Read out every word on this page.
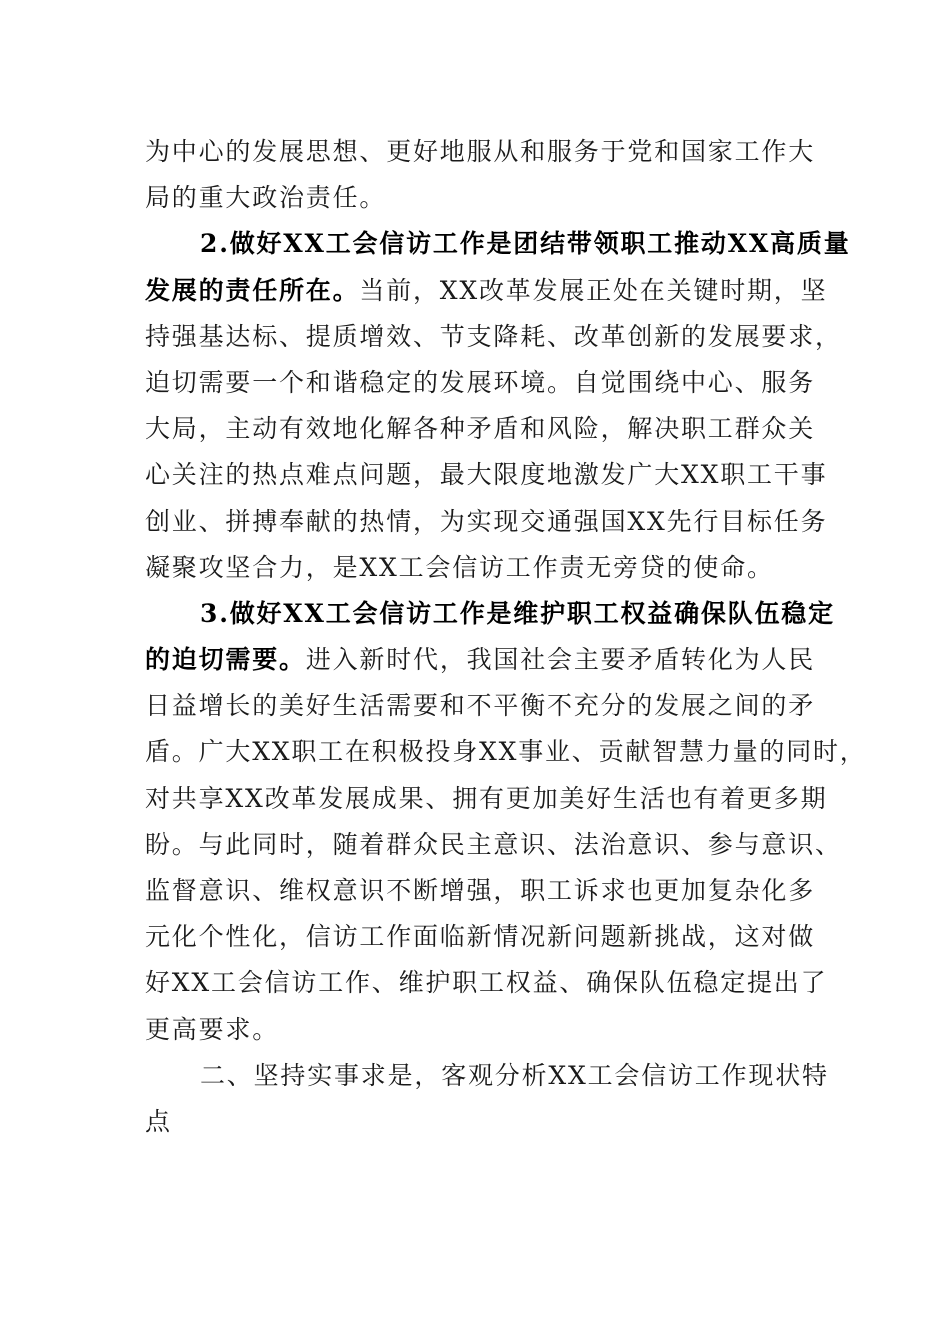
为中心的发展思想、更好地服从和服务于党和国家工作大
局的重大政治责任。
2.做好XX工会信访工作是团结带领职工推动XX高质量
发展的责任所在。当前，XX改革发展正处在关键时期，坚
持强基达标、提质增效、节支降耗、改革创新的发展要求，
迫切需要一个和谐稳定的发展环境。自觉围绕中心、服务
大局，主动有效地化解各种矛盾和风险，解决职工群众关
心关注的热点难点问题，最大限度地激发广大XX职工干事
创业、拼搏奉献的热情，为实现交通强国XX先行目标任务
凝聚攻坚合力，是XX工会信访工作责无旁贷的使命。
3.做好XX工会信访工作是维护职工权益确保队伍稳定
的迫切需要。进入新时代，我国社会主要矛盾转化为人民
日益增长的美好生活需要和不平衡不充分的发展之间的矛
盾。广大XX职工在积极投身XX事业、贡献智慧力量的同时，
对共享XX改革发展成果、拥有更加美好生活也有着更多期
盼。与此同时，随着群众民主意识、法治意识、参与意识、
监督意识、维权意识不断增强，职工诉求也更加复杂化多
元化个性化，信访工作面临新情况新问题新挑战，这对做
好XX工会信访工作、维护职工权益、确保队伍稳定提出了
更高要求。
二、坚持实事求是，客观分析XX工会信访工作现状特
点
